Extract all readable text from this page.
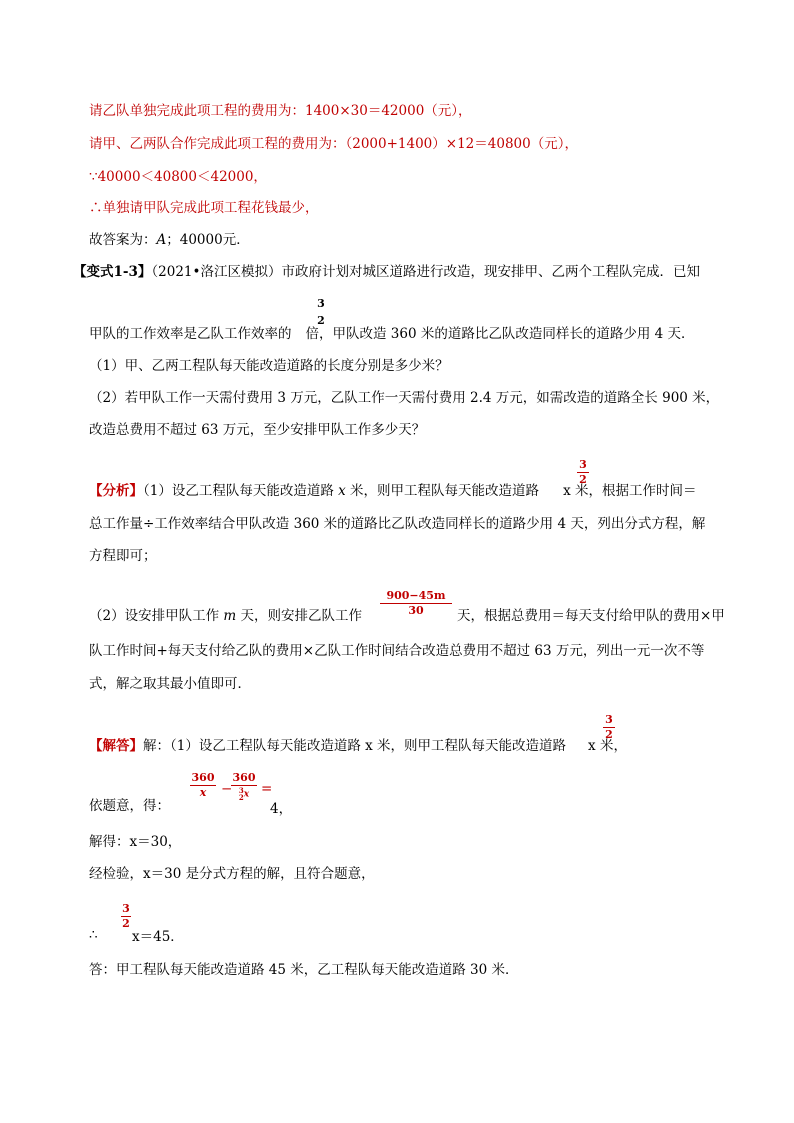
请乙队单独完成此项工程的费用为：1400×30＝42000（元），
请甲、乙两队合作完成此项工程的费用为：（2000+1400）×12＝40800（元），
∵40000＜40800＜42000，
∴单独请甲队完成此项工程花钱最少，
故答案为：A；40000元．
【变式1-3】（2021•洛江区模拟）市政府计划对城区道路进行改造，现安排甲、乙两个工程队完成．已知
甲队的工作效率是乙队工作效率的 倍，甲队改造 360 米的道路比乙队改造同样长的道路少用 4 天．
3
2
（1）甲、乙两工程队每天能改造道路的长度分别是多少米？
（2）若甲队工作一天需付费用 3 万元，乙队工作一天需付费用 2.4 万元，如需改造的道路全长 900 米，
改造总费用不超过 63 万元，至少安排甲队工作多少天？
【分析】（1）设乙工程队每天能改造道路 x 米，则甲工程队每天能改造道路 x 米，根据工作时间＝
3
2
总工作量÷工作效率结合甲队改造 360 米的道路比乙队改造同样长的道路少用 4 天，列出分式方程，解
方程即可；
（2）设安排甲队工作 m 天，则安排乙队工作	天，根据总费用＝每天支付给甲队的费用×甲
900−45m
30
队工作时间+每天支付给乙队的费用×乙队工作时间结合改造总费用不超过 63 万元，列出一元一次不等
式，解之取其最小值即可．
【解答】解：（1）设乙工程队每天能改造道路 x 米，则甲工程队每天能改造道路 x 米，
3
2
依题意，得：
360
x	−
360
3
2x =
4，
解得：x＝30，
经检验，x＝30 是分式方程的解，且符合题意，
∴
3
2
x＝45．
答：甲工程队每天能改造道路 45 米，乙工程队每天能改造道路 30 米．
